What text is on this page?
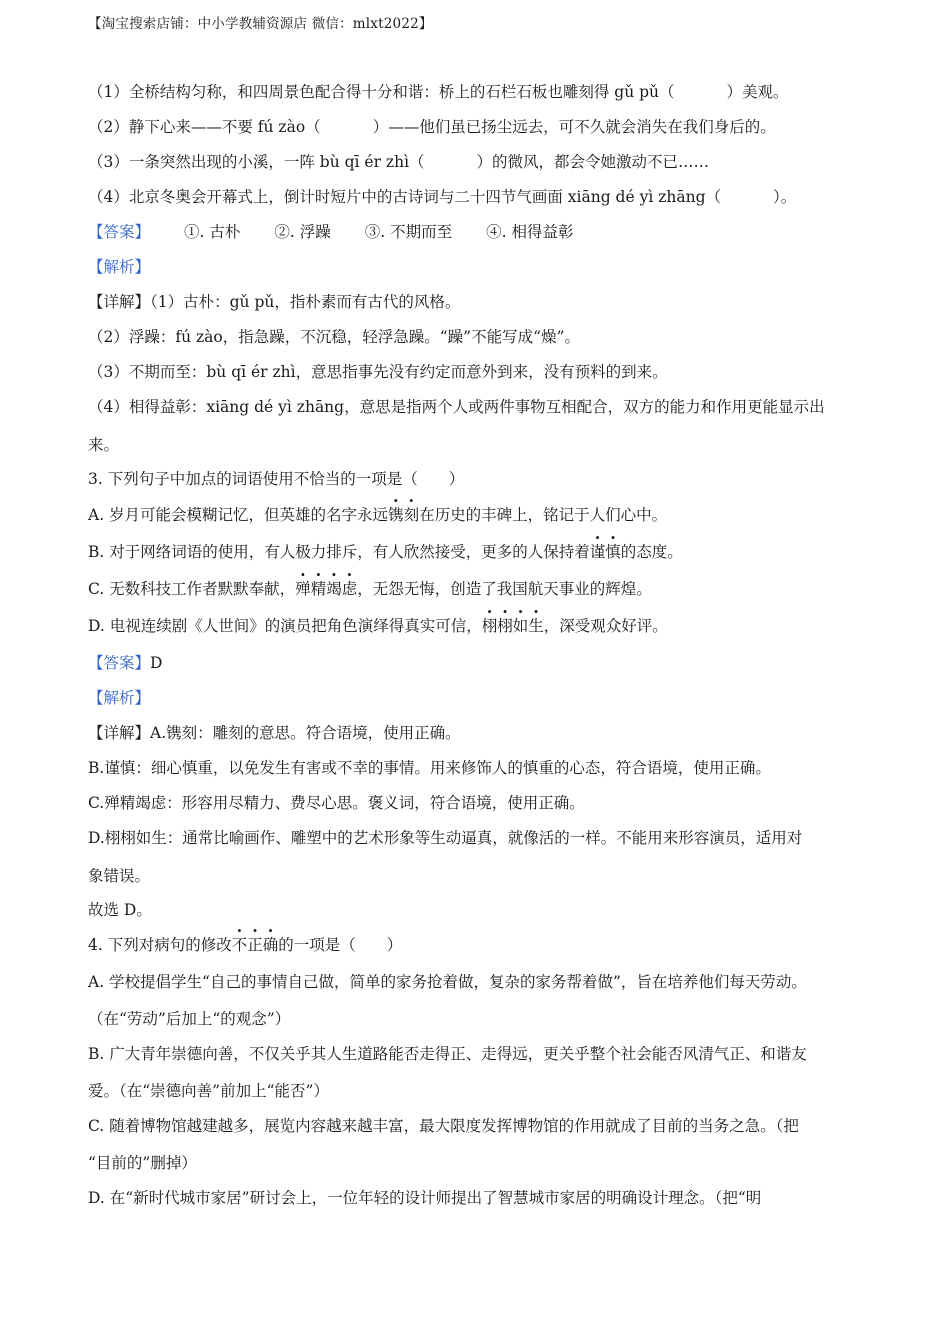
【淘宝搜索店铺：中小学教辅资源店 微信：mlxt2022】
（1）全桥结构匀称，和四周景色配合得十分和谐：桥上的石栏石板也雕刻得 gǔ pǔ（	）美观。
（2）静下心来——不要 fú zào（	）——他们虽已扬尘远去，可不久就会消失在我们身后的。
（3）一条突然出现的小溪，一阵 bù qī ér zhì（	）的微风，都会令她激动不已……
（4）北京冬奥会开幕式上，倒计时短片中的古诗词与二十四节气画面 xiāng dé yì zhāng（	）。
【答案】 ①. 古朴 ②. 浮躁 ③. 不期而至 ④. 相得益彰
【解析】
【详解】（1）古朴：gǔ pǔ，指朴素而有古代的风格。
（2）浮躁：fú zào，指急躁，不沉稳，轻浮急躁。“躁”不能写成“燥”。
（3）不期而至：bù qī ér zhì，意思指事先没有约定而意外到来，没有预料的到来。
（4）相得益彰：xiāng dé yì zhāng，意思是指两个人或两件事物互相配合，双方的能力和作用更能显示出
来。
3. 下列句子中加点的词语使用不恰当的一项是（　　）
A. 岁月可能会模糊记忆，但英雄的名字永远镌刻在历史的丰碑上，铭记于人们心中。
B. 对于网络词语的使用，有人极力排斥，有人欣然接受，更多的人保持着谨慎的态度。
C. 无数科技工作者默默奉献，殚精竭虑，无怨无悔，创造了我国航天事业的辉煌。
D. 电视连续剧《人世间》的演员把角色演绎得真实可信，栩栩如生，深受观众好评。
【答案】D
【解析】
【详解】A.镌刻：雕刻的意思。符合语境，使用正确。
B.谨慎：细心慎重，以免发生有害或不幸的事情。用来修饰人的慎重的心态，符合语境，使用正确。
C.殚精竭虑：形容用尽精力、费尽心思。褒义词，符合语境，使用正确。
D.栩栩如生：通常比喻画作、雕塑中的艺术形象等生动逼真，就像活的一样。不能用来形容演员，适用对
象错误。
故选 D。
4. 下列对病句的修改不正确的一项是（　　）
A. 学校提倡学生“自己的事情自己做，简单的家务抢着做，复杂的家务帮着做”，旨在培养他们每天劳动。
（在“劳动”后加上“的观念”）
B. 广大青年崇德向善，不仅关乎其人生道路能否走得正、走得远，更关乎整个社会能否风清气正、和谐友
爱。（在“崇德向善”前加上“能否”）
C. 随着博物馆越建越多，展览内容越来越丰富，最大限度发挥博物馆的作用就成了目前的当务之急。（把
“目前的”删掉）
D. 在“新时代城市家居”研讨会上，一位年轻的设计师提出了智慧城市家居的明确设计理念。（把“明
